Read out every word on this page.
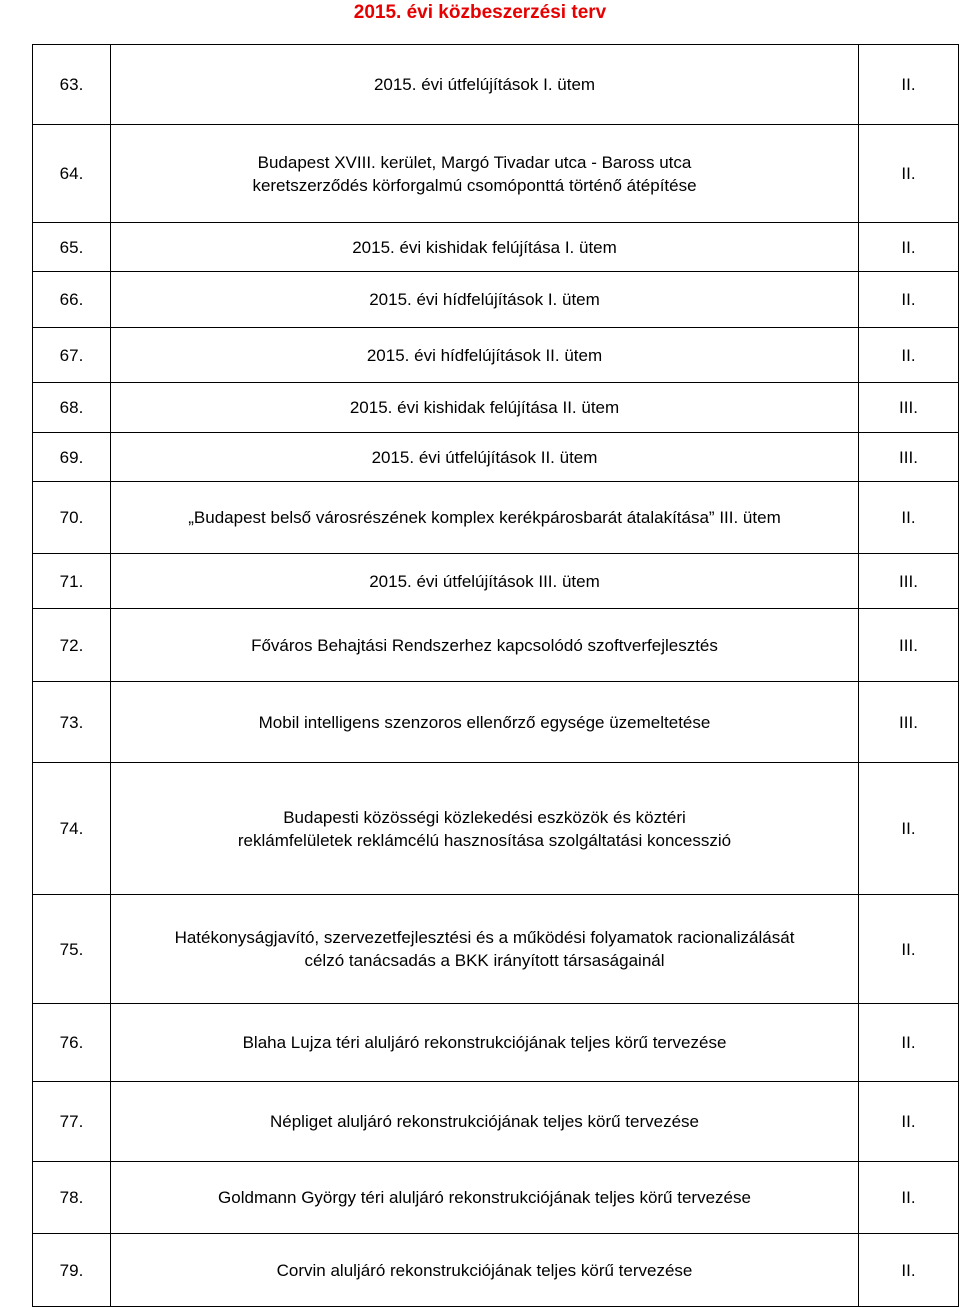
2015. évi közbeszerzési terv
63.	2015. évi útfelújítások I. ütem	II.
64.	Budapest XVIII. kerület, Margó Tivadar utca - Baross utca keretszerződés körforgalmú csomóponttá történő átépítése	II.
65.	2015. évi kishidak felújítása I. ütem	II.
66.	2015. évi hídfelújítások I. ütem	II.
67.	2015. évi hídfelújítások II. ütem	II.
68.	2015. évi kishidak felújítása II. ütem	III.
69.	2015. évi útfelújítások II. ütem	III.
70.	„Budapest belső városrészének komplex kerékpárosbarát átalakítása” III. ütem	II.
71.	2015. évi útfelújítások III. ütem	III.
72.	Főváros Behajtási Rendszerhez kapcsolódó szoftverfejlesztés	III.
73.	Mobil intelligens szenzoros ellenőrző egysége üzemeltetése	III.
74.	Budapesti közösségi közlekedési eszközök és köztéri reklámfelületek reklámcélú hasznosítása szolgáltatási koncesszió	II.
75.	Hatékonyságjavító, szervezetfejlesztési és a működési folyamatok racionalizálását célzó tanácsadás a BKK irányított társaságainál	II.
76.	Blaha Lujza téri aluljáró rekonstrukciójának teljes körű tervezése	II.
77.	Népliget aluljáró rekonstrukciójának teljes körű tervezése	II.
78.	Goldmann György téri aluljáró rekonstrukciójának teljes körű tervezése	II.
79.	Corvin aluljáró rekonstrukciójának teljes körű tervezése	II.
